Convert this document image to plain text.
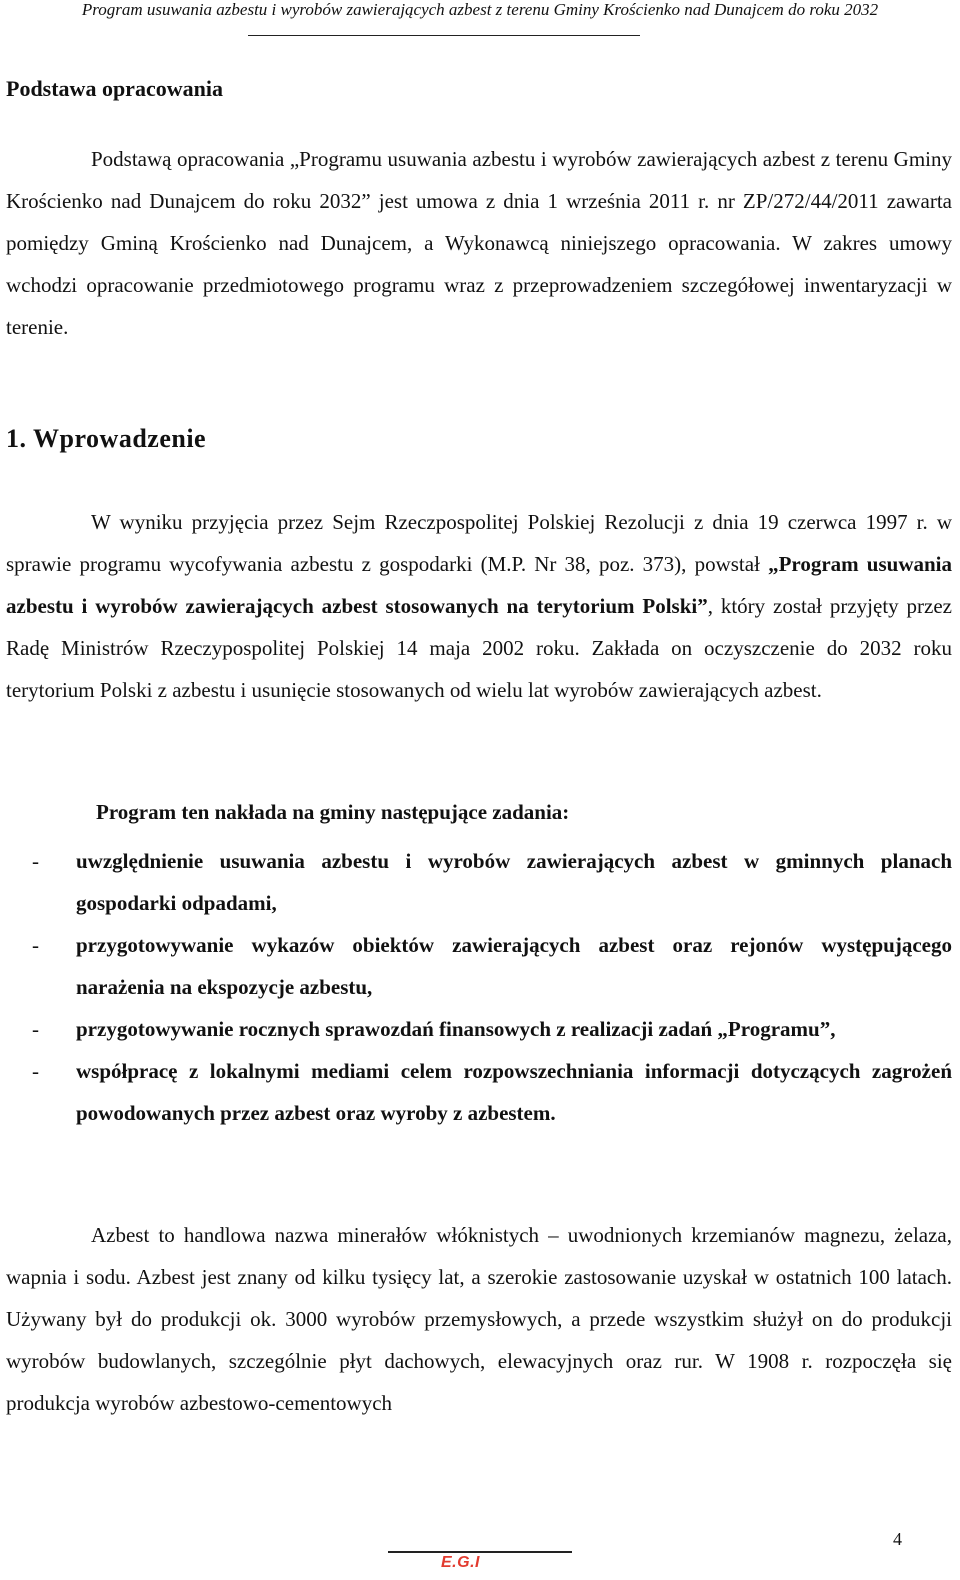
Program usuwania azbestu i wyrobów zawierających azbest z terenu Gminy Krościenko nad Dunajcem do roku 2032
Podstawa opracowania

Podstawą opracowania „Programu usuwania azbestu i wyrobów zawierających azbest z terenu Gminy Krościenko nad Dunajcem do roku 2032” jest umowa z dnia 1 września 2011 r. nr ZP/272/44/2011 zawarta pomiędzy Gminą Krościenko nad Dunajcem, a Wykonawcą niniejszego opracowania. W zakres umowy wchodzi opracowanie przedmiotowego programu wraz z przeprowadzeniem szczegółowej inwentaryzacji w terenie.

1. Wprowadzenie

W wyniku przyjęcia przez Sejm Rzeczpospolitej Polskiej Rezolucji z dnia 19 czerwca 1997 r. w sprawie programu wycofywania azbestu z gospodarki (M.P. Nr 38, poz. 373), powstał „Program usuwania azbestu i wyrobów zawierających azbest stosowanych na terytorium Polski”, który został przyjęty przez Radę Ministrów Rzeczypospolitej Polskiej 14 maja 2002 roku. Zakłada on oczyszczenie do 2032 roku terytorium Polski z azbestu i usunięcie stosowanych od wielu lat wyrobów zawierających azbest.

Program ten nakłada na gminy następujące zadania:
- uwzględnienie usuwania azbestu i wyrobów zawierających azbest w gminnych planach gospodarki odpadami,
- przygotowywanie wykazów obiektów zawierających azbest oraz rejonów występującego narażenia na ekspozycje azbestu,
- przygotowywanie rocznych sprawozdań finansowych z realizacji zadań „Programu”,
- współpracę z lokalnymi mediami celem rozpowszechniania informacji dotyczących zagrożeń powodowanych przez azbest oraz wyroby z azbestem.

Azbest to handlowa nazwa minerałów włóknistych – uwodnionych krzemianów magnezu, żelaza, wapnia i sodu. Azbest jest znany od kilku tysięcy lat, a szerokie zastosowanie uzyskał w ostatnich 100 latach. Używany był do produkcji ok. 3000 wyrobów przemysłowych, a przede wszystkim służył on do produkcji wyrobów budowlanych, szczególnie płyt dachowych, elewacyjnych oraz rur. W 1908 r. rozpoczęła się produkcja wyrobów azbestowo-cementowych

E.G.I
4
